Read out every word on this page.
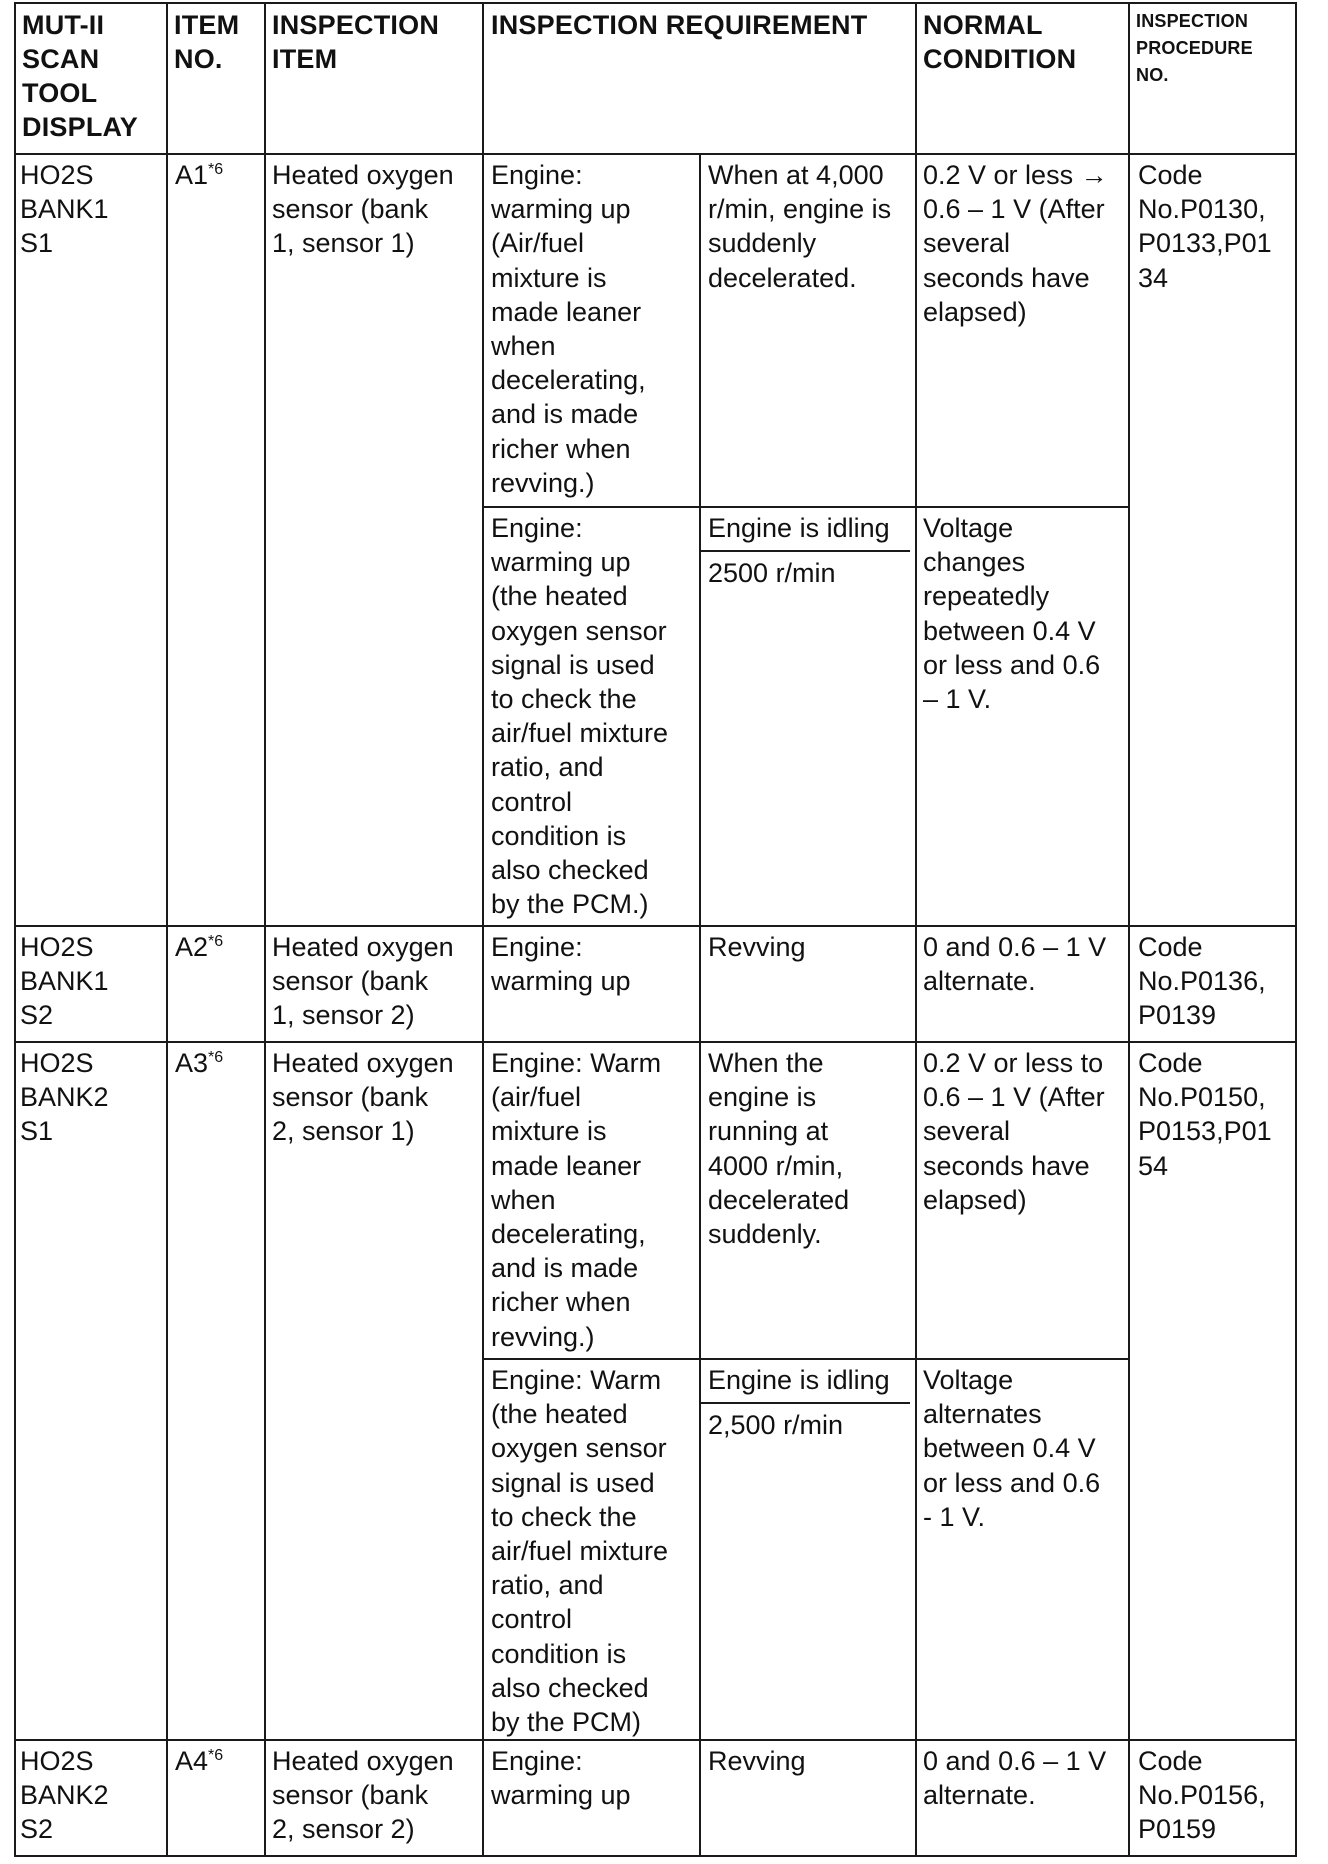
MUT-II
SCAN
TOOL
DISPLAY
ITEM
NO.
INSPECTION
ITEM
INSPECTION REQUIREMENT NORMAL
CONDITION
INSPECTION
PROCEDURE
NO.
HO2S
BANK1
S1
A1$^{*6}$ Heated oxygen
sensor (bank
1, sensor 1)
Engine:
warming up
(Air/fuel
mixture is
made leaner
when
decelerating,
and is made
richer when
revving.)
When at 4,000
r/min, engine is
suddenly
decelerated.
0.2 V or less →
0.6 – 1 V (After
several
seconds have
elapsed)
Code
No.P0130,
P0133,P01
34
Engine:
warming up
(the heated
oxygen sensor
signal is used
to check the
air/fuel mixture
ratio, and
control
condition is
also checked
by the PCM.)
Engine is idling
2500 r/min
Voltage
changes
repeatedly
between 0.4 V
or less and 0.6
– 1 V.
HO2S
BANK1
S2
A2$^{*6}$ Heated oxygen
sensor (bank
1, sensor 2)
Engine:
warming up
Revving	0 and 0.6 – 1 V
alternate.
Code
No.P0136,
P0139
HO2S
BANK2
S1
A3$^{*6}$ Heated oxygen
sensor (bank
2, sensor 1)
Engine: Warm
(air/fuel
mixture is
made leaner
when
decelerating,
and is made
richer when
revving.)
When the
engine is
running at
4000 r/min,
decelerated
suddenly.
0.2 V or less to
0.6 – 1 V (After
several
seconds have
elapsed)
Code
No.P0150,
P0153,P01
54
Engine: Warm
(the heated
oxygen sensor
signal is used
to check the
air/fuel mixture
ratio, and
control
condition is
also checked
by the PCM)
Engine is idling
2,500 r/min
Voltage
alternates
between 0.4 V
or less and 0.6
- 1 V.
HO2S
BANK2
S2
A4$^{*6}$ Heated oxygen
sensor (bank
2, sensor 2)
Engine:
warming up
Revving	0 and 0.6 – 1 V
alternate.
Code
No.P0156,
P0159
